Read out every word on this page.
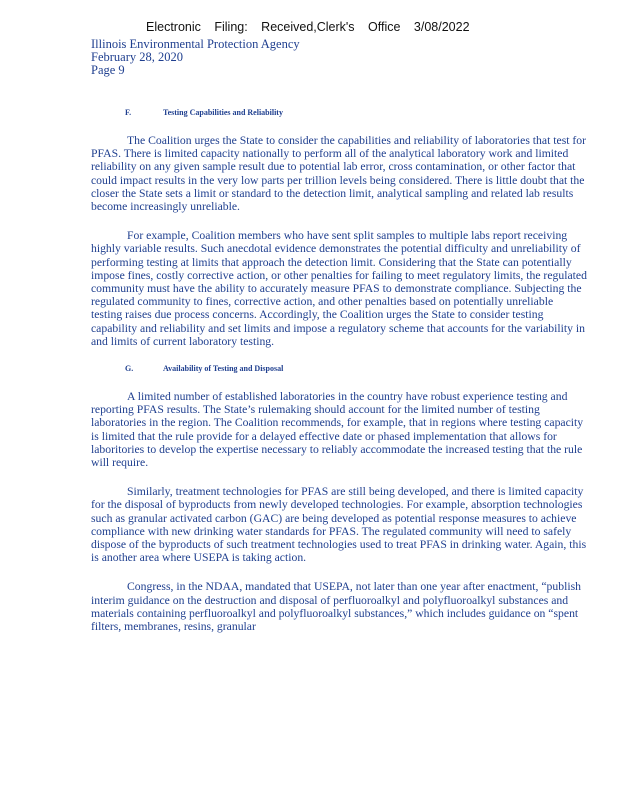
Electronic Filing: Received,Clerk's Office 3/08/2022
Illinois Environmental Protection Agency
February 28, 2020
Page 9
F.	Testing Capabilities and Reliability

The Coalition urges the State to consider the capabilities and reliability of laboratories that test for PFAS. There is limited capacity nationally to perform all of the analytical laboratory work and limited reliability on any given sample result due to potential lab error, cross contamination, or other factor that could impact results in the very low parts per trillion levels being considered. There is little doubt that the closer the State sets a limit or standard to the detection limit, analytical sampling and related lab results become increasingly unreliable.

For example, Coalition members who have sent split samples to multiple labs report receiving highly variable results. Such anecdotal evidence demonstrates the potential difficulty and unreliability of performing testing at limits that approach the detection limit. Considering that the State can potentially impose fines, costly corrective action, or other penalties for failing to meet regulatory limits, the regulated community must have the ability to accurately measure PFAS to demonstrate compliance. Subjecting the regulated community to fines, corrective action, and other penalties based on potentially unreliable testing raises due process concerns. Accordingly, the Coalition urges the State to consider testing capability and reliability and set limits and impose a regulatory scheme that accounts for the variability in and limits of current laboratory testing.

G.	Availability of Testing and Disposal

A limited number of established laboratories in the country have robust experience testing and reporting PFAS results. The State’s rulemaking should account for the limited number of testing laboratories in the region. The Coalition recommends, for example, that in regions where testing capacity is limited that the rule provide for a delayed effective date or phased implementation that allows for laboritories to develop the expertise necessary to reliably accommodate the increased testing that the rule will require.

Similarly, treatment technologies for PFAS are still being developed, and there is limited capacity for the disposal of byproducts from newly developed technologies. For example, absorption technologies such as granular activated carbon (GAC) are being developed as potential response measures to achieve compliance with new drinking water standards for PFAS. The regulated community will need to safely dispose of the byproducts of such treatment technologies used to treat PFAS in drinking water. Again, this is another area where USEPA is taking action.

Congress, in the NDAA, mandated that USEPA, not later than one year after enactment, “publish interim guidance on the destruction and disposal of perfluoroalkyl and polyfluoroalkyl substances and materials containing perfluoroalkyl and polyfluoroalkyl substances,” which includes guidance on “spent filters, membranes, resins, granular
